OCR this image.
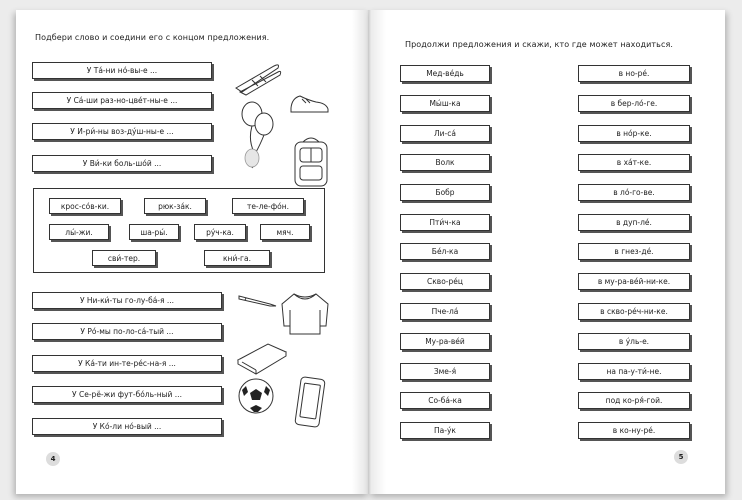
Подбери слово и соедини его с концом предложения.
У Та́-ни но́-вы-е ...
У Са́-ши раз-но-цве́т-ны-е ...
У И-ри́-ны воз-ду́ш-ны-е ...
У Ви́-ки боль-шо́й ...
крос-со́в-ки.	рюк-за́к.	те-ле-фо́н.
лы́-жи.	ша-ры́.	ру́ч-ка.	мяч.
сви́-тер.	кни́-га.
У Ни-ки́-ты го-лу-ба́-я ...
У Ро́-мы по-ло-са́-тый ...
У Ка́-ти ин-те-ре́с-на-я ...
У Се-рё-жи фут-бо́ль-ный ...
У Ко́-ли но́-вый ...
4
Продолжи предложения и скажи, кто где может находиться.
Мед-ве́дь
Мы́ш-ка
Ли-са́
Волк
Бобр
Пти́ч-ка
Бе́л-ка
Скво-ре́ц
Пче-ла́
Му-ра-ве́й
Зме-я́
Со-ба́-ка
Па-у́к
в но-ре́.
в бер-ло́-ге.
в но́р-ке.
в ха́т-ке.
в ло́-го-ве.
в дуп-ле́.
в гнез-де́.
в му-ра-ве́й-ни-ке.
в скво-ре́ч-ни-ке.
в у́ль-е.
на па-у-ти́-не.
под ко-ря́-гой.
в ко-ну-ре́.
5
